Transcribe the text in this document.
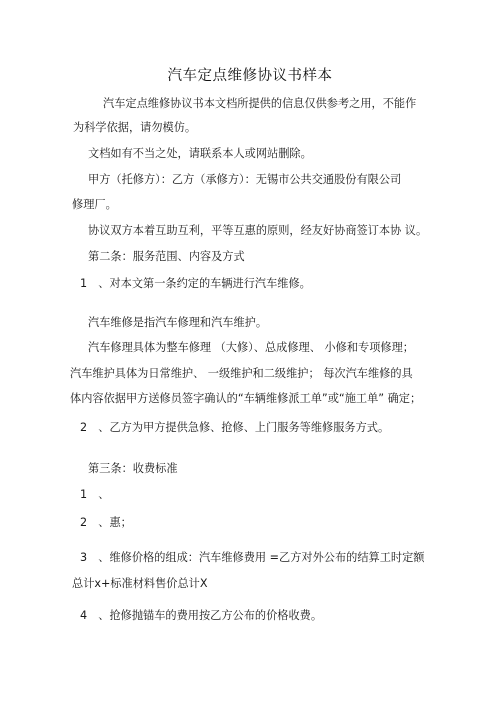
汽车定点维修协议书样本
汽车定点维修协议书本文档所提供的信息仅供参考之用，不能作
为科学依据，请勿模仿。
文档如有不当之处，请联系本人或网站删除。
甲方（托修方）：乙方（承修方）：无锡市公共交通股份有限公司
修理厂。
协议双方本着互助互利，平等互惠的原则，经友好协商签订本协 议。
第二条：服务范围、内容及方式
1　、对本文第一条约定的车辆进行汽车维修。
汽车维修是指汽车修理和汽车维护。
汽车修理具体为整车修理 （大修）、总成修理、 小修和专项修理；
汽车维护具体为日常维护、 一级维护和二级维护； 每次汽车维修的具
体内容依据甲方送修员签字确认的“车辆维修派工单”或“施工单” 确定；
2　、乙方为甲方提供急修、抢修、上门服务等维修服务方式。
第三条：收费标准
1　、
2　、惠；
3　、维修价格的组成：汽车维修费用 =乙方对外公布的结算工时定额
总计x+标准材料售价总计X
4　、抢修抛锚车的费用按乙方公布的价格收费。
